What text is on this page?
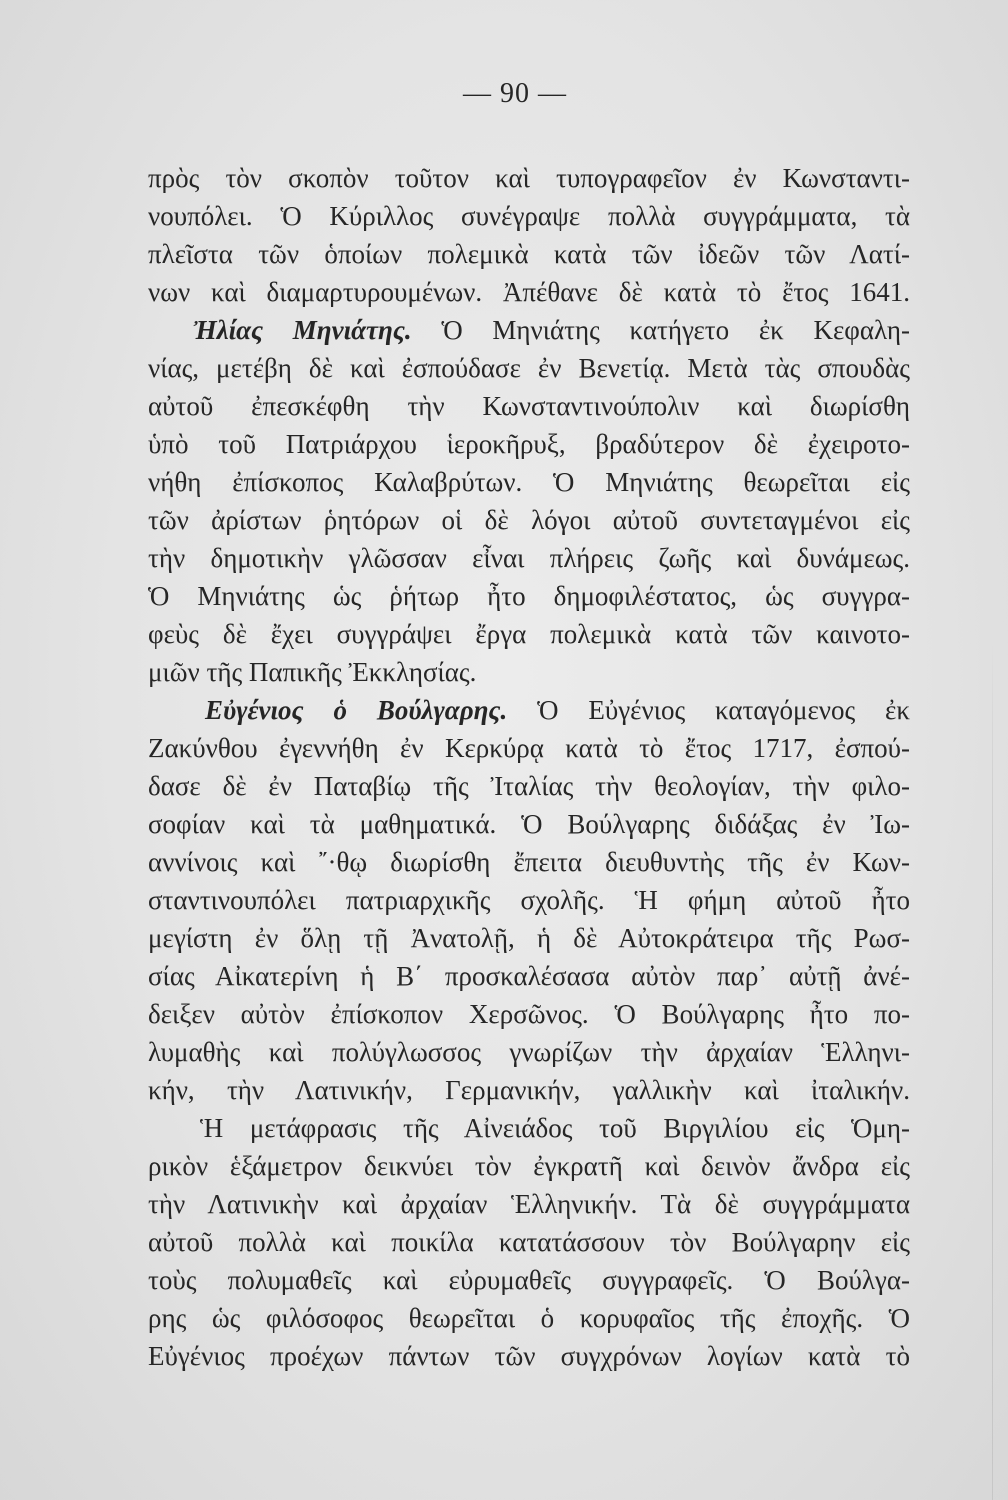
— 90 —
πρὸς τὸν σκοπὸν τοῦτον καὶ τυπογραφεῖον ἐν Κωνσταντι-
νουπόλει. Ὁ Κύριλλος συνέγραψε πολλὰ συγγράμματα, τὰ
πλεῖστα τῶν ὁποίων πολεμικὰ κατὰ τῶν ἰδεῶν τῶν Λατί-
νων καὶ διαμαρτυρουμένων. Ἀπέθανε δὲ κατὰ τὸ ἔτος 1641.
Ἠλίας Μηνιάτης. Ὁ Μηνιάτης κατήγετο ἐκ Κεφαλη-
νίας, μετέβη δὲ καὶ ἐσπούδασε ἐν Βενετίᾳ. Μετὰ τὰς σπουδὰς
αὐτοῦ ἐπεσκέφθη τὴν Κωνσταντινούπολιν καὶ διωρίσθη
ὑπὸ τοῦ Πατριάρχου ἱεροκῆρυξ, βραδύτερον δὲ ἐχειροτο-
νήθη ἐπίσκοπος Καλαβρύτων. Ὁ Μηνιάτης θεωρεῖται εἰς
τῶν ἀρίστων ῥητόρων οἱ δὲ λόγοι αὐτοῦ συντεταγμένοι εἰς
τὴν δημοτικὴν γλῶσσαν εἶναι πλήρεις ζωῆς καὶ δυνάμεως.
Ὁ Μηνιάτης ὡς ῥήτωρ ἦτο δημοφιλέστατος, ὡς συγγρα-
φεὺς δὲ ἔχει συγγράψει ἔργα πολεμικὰ κατὰ τῶν καινοτο-
μιῶν τῆς Παπικῆς Ἐκκλησίας.
Εὐγένιος ὁ Βούλγαρης. Ὁ Εὐγένιος καταγόμενος ἐκ
Ζακύνθου ἐγεννήθη ἐν Κερκύρᾳ κατὰ τὸ ἔτος 1717, ἐσπού-
δασε δὲ ἐν Παταβίῳ τῆς Ἰταλίας τὴν θεολογίαν, τὴν φιλο-
σοφίαν καὶ τὰ μαθηματικά. Ὁ Βούλγαρης διδάξας ἐν Ἰω-
αννίνοις καὶ ῎·θῳ διωρίσθη ἔπειτα διευθυντὴς τῆς ἐν Κων-
σταντινουπόλει πατριαρχικῆς σχολῆς. Ἡ φήμη αὐτοῦ ἦτο
μεγίστη ἐν ὅλῃ τῇ Ἀνατολῇ, ἡ δὲ Αὐτοκράτειρα τῆς Ρωσ-
σίας Αἰκατερίνη ἡ Β΄ προσκαλέσασα αὐτὸν παρ᾽ αὐτῇ ἀνέ-
δειξεν αὐτὸν ἐπίσκοπον Χερσῶνος. Ὁ Βούλγαρης ἦτο πο-
λυμαθὴς καὶ πολύγλωσσος γνωρίζων τὴν ἀρχαίαν Ἑλληνι-
κήν, τὴν Λατινικήν, Γερμανικήν, γαλλικὴν καὶ ἰταλικήν.
Ἡ μετάφρασις τῆς Αἰνειάδος τοῦ Βιργιλίου εἰς Ὁμη-
ρικὸν ἑξάμετρον δεικνύει τὸν ἐγκρατῆ καὶ δεινὸν ἄνδρα εἰς
τὴν Λατινικὴν καὶ ἀρχαίαν Ἑλληνικήν. Τὰ δὲ συγγράμματα
αὐτοῦ πολλὰ καὶ ποικίλα κατατάσσουν τὸν Βούλγαρην εἰς
τοὺς πολυμαθεῖς καὶ εὐρυμαθεῖς συγγραφεῖς. Ὁ Βούλγα-
ρης ὡς φιλόσοφος θεωρεῖται ὁ κορυφαῖος τῆς ἐποχῆς. Ὁ
Εὐγένιος προέχων πάντων τῶν συγχρόνων λογίων κατὰ τὸ
